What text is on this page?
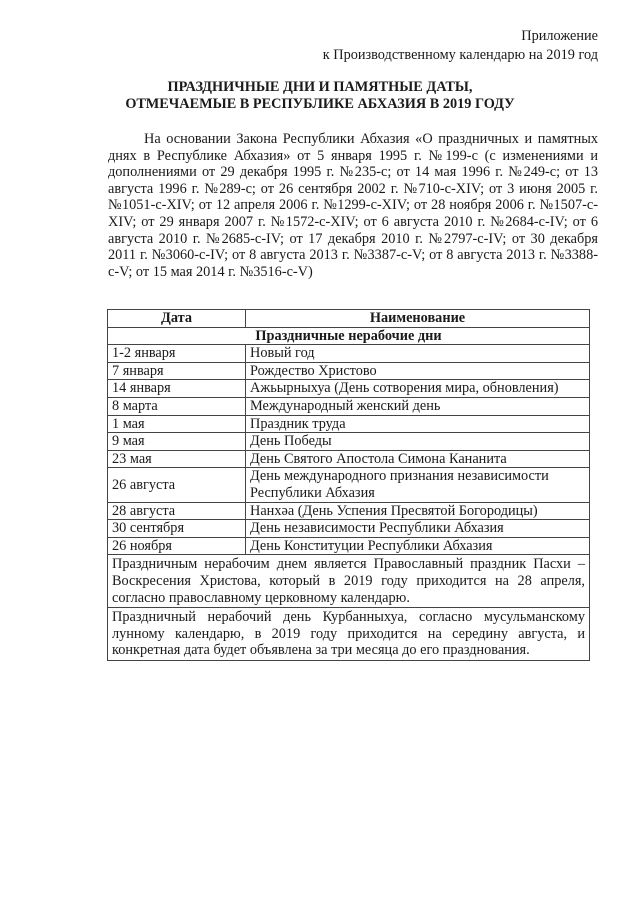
Приложение
к Производственному календарю на 2019 год
ПРАЗДНИЧНЫЕ ДНИ И ПАМЯТНЫЕ ДАТЫ,
ОТМЕЧАЕМЫЕ В РЕСПУБЛИКЕ АБХАЗИЯ В 2019 ГОДУ

На основании Закона Республики Абхазия «О праздничных и памятных днях в Республике Абхазия» от 5 января 1995 г. №199-с (с изменениями и дополнениями от 29 декабря 1995 г. №235-с; от 14 мая 1996 г. №249-с; от 13 августа 1996 г. №289-с; от 26 сентября 2002 г. №710-с-XIV; от 3 июня 2005 г. №1051-с-XIV; от 12 апреля 2006 г. №1299-с-XIV; от 28 ноября 2006 г. №1507-с-XIV; от 29 января 2007 г. №1572-с-XIV; от 6 августа 2010 г. №2684-с-IV; от 6 августа 2010 г. №2685-с-IV; от 17 декабря 2010 г. №2797-с-IV; от 30 декабря 2011 г. №3060-с-IV; от 8 августа 2013 г. №3387-с-V; от 8 августа 2013 г. №3388-с-V; от 15 мая 2014 г. №3516-с-V)

Дата	Наименование
Праздничные нерабочие дни	
1-2 января	Новый год
7 января	Рождество Христово
14 января	Ажьырныхуа (День сотворения мира, обновления)
8 марта	Международный женский день
1 мая	Праздник труда
9 мая	День Победы
23 мая	День Святого Апостола Симона Кананита
26 августа	День международного признания независимости Республики Абхазия
28 августа	Нанхәа (День Успения Пресвятой Богородицы)
30 сентября	День независимости Республики Абхазия
26 ноября	День Конституции Республики Абхазия
Праздничным нерабочим днем является Православный праздник Пасхи – Воскресения Христова, который в 2019 году приходится на 28 апреля, согласно православному церковному календарю.	
Праздничный нерабочий день Курбанныхуа, согласно мусульманскому лунному календарю, в 2019 году приходится на середину августа, и конкретная дата будет объявлена за три месяца до его празднования.	
